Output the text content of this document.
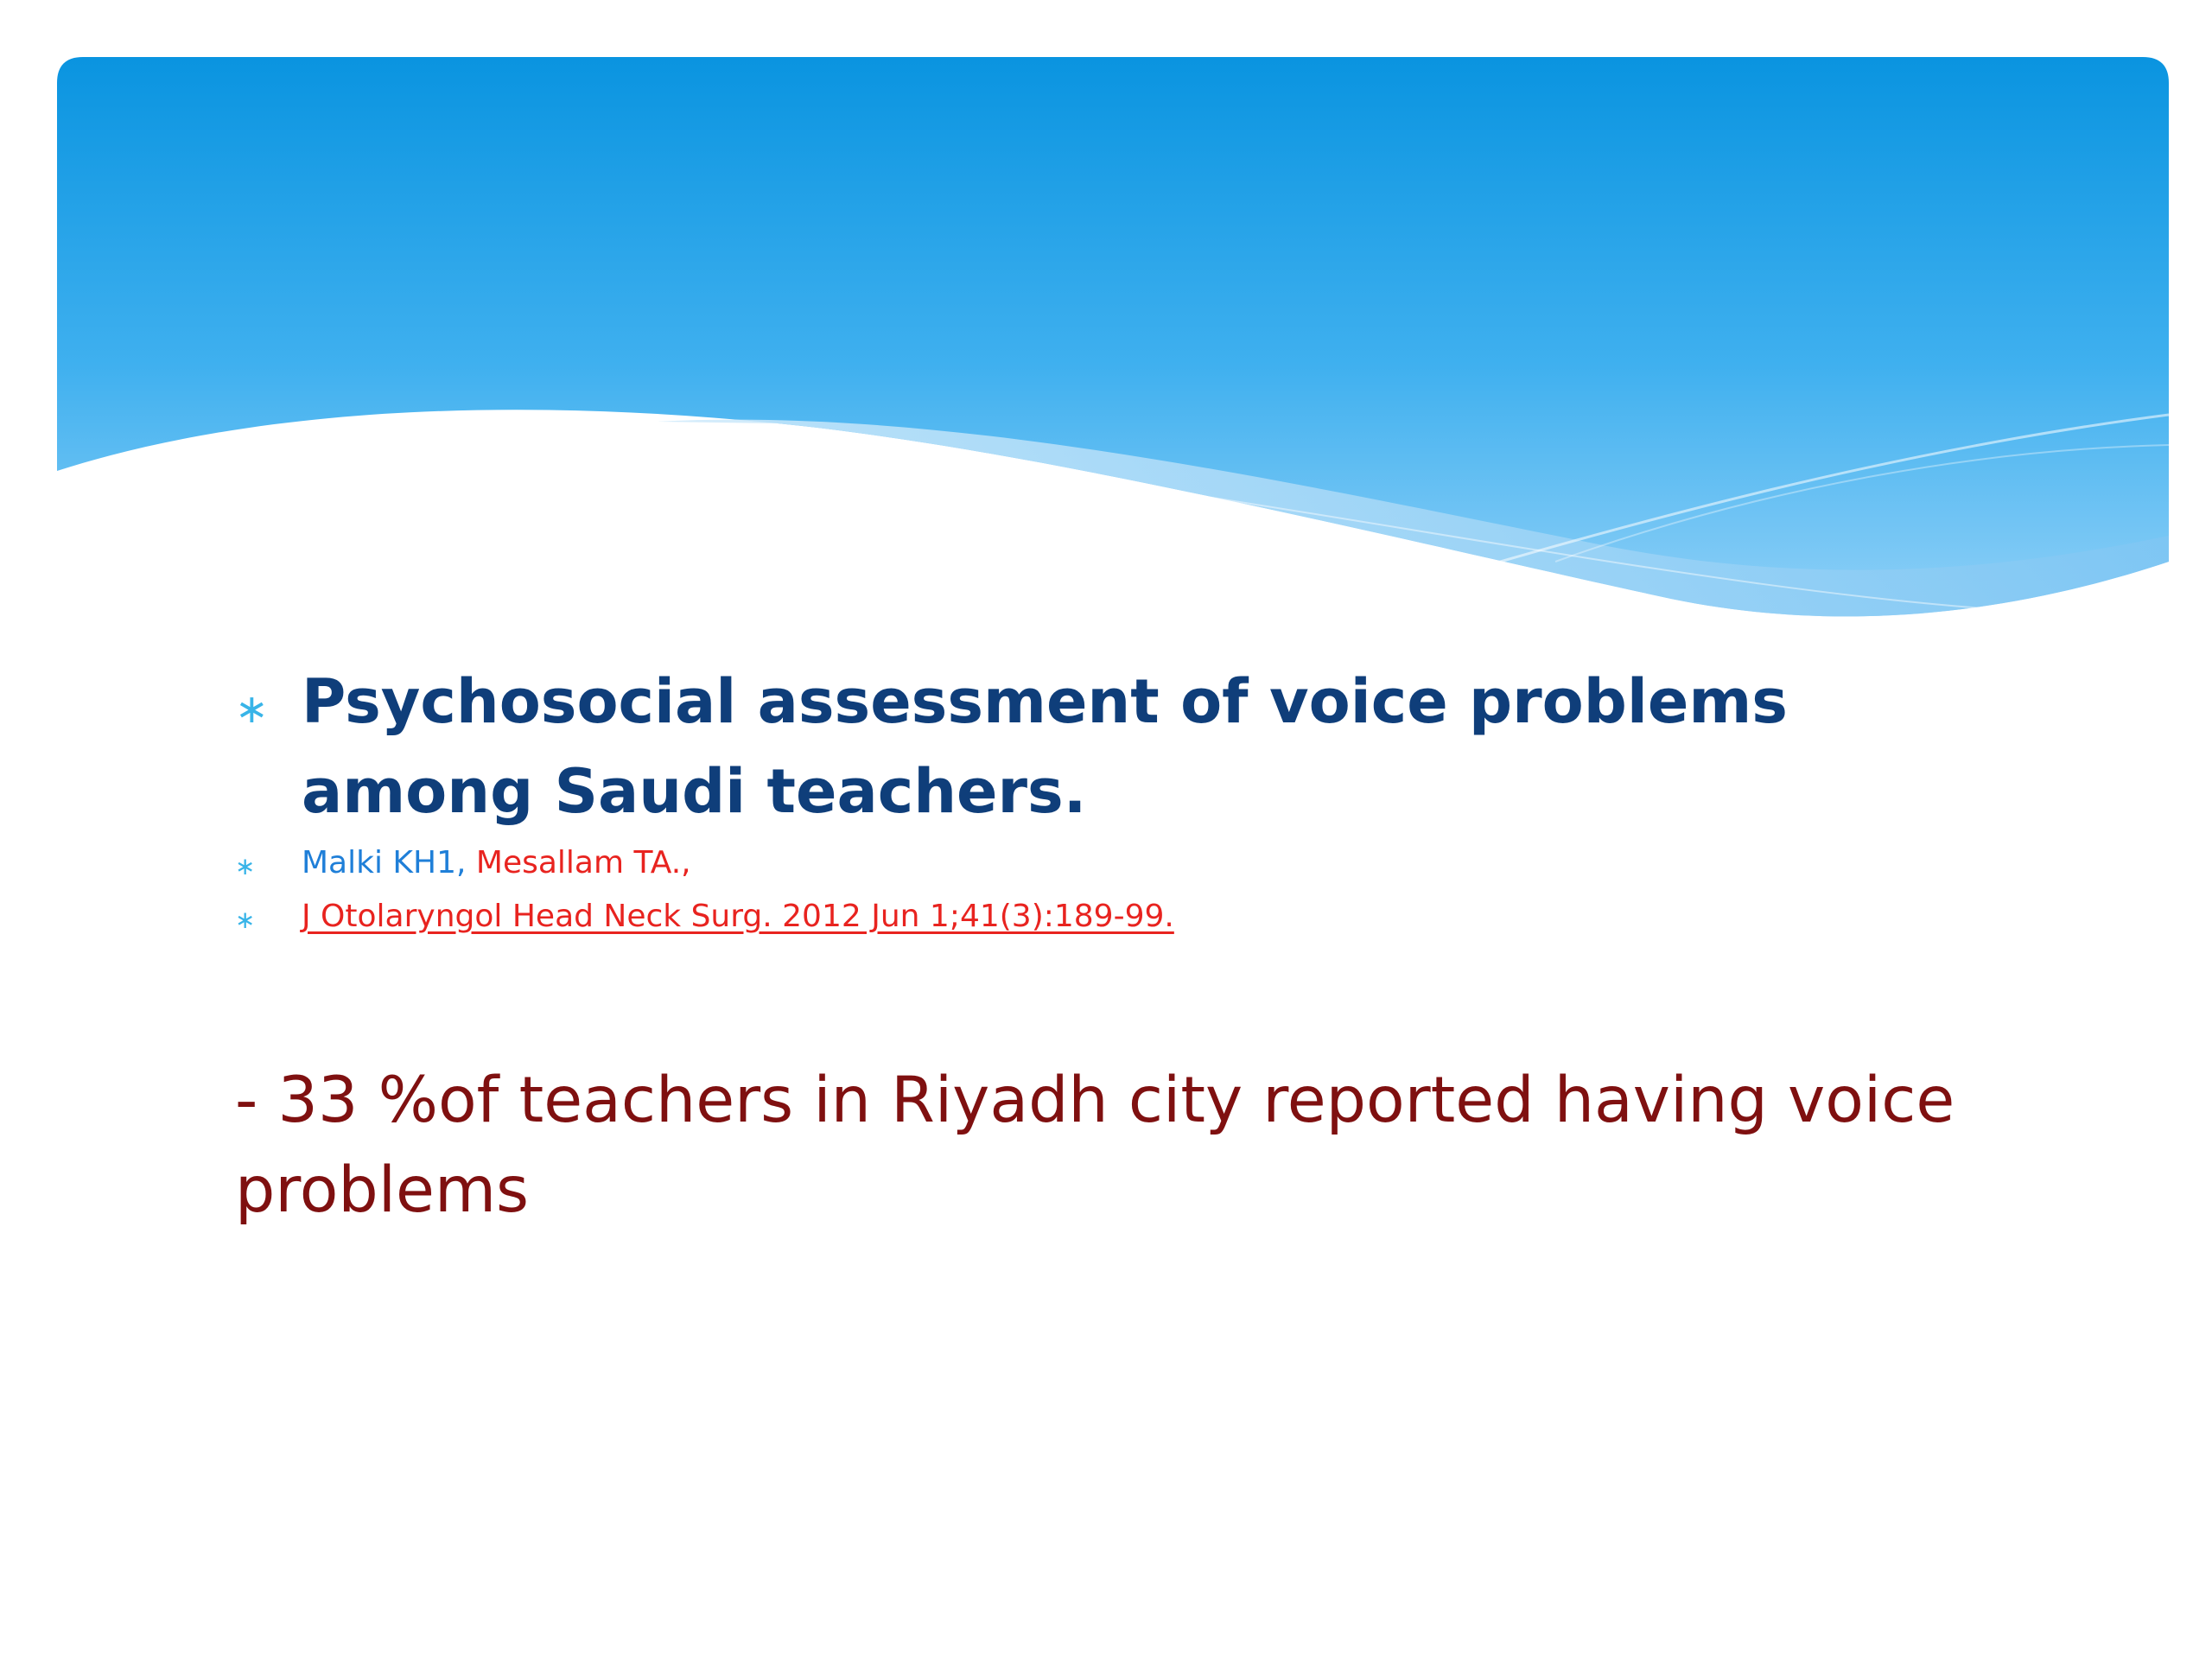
∗ Psychosocial assessment of voice problems among Saudi teachers.
∗ Malki KH1, Mesallam TA.,
∗ J Otolaryngol Head Neck Surg. 2012 Jun 1;41(3):189-99.
- 33 %of teachers in Riyadh city reported having voice problems
